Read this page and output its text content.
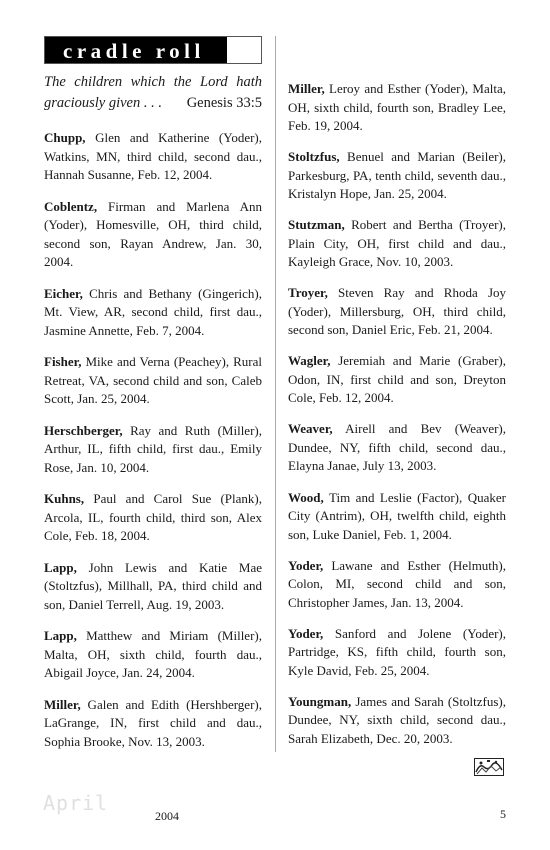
cradle roll
The children which the Lord hath graciously given . . . Genesis 33:5

Chupp, Glen and Katherine (Yoder), Watkins, MN, third child, second dau., Hannah Susanne, Feb. 12, 2004.

Coblentz, Firman and Marlena Ann (Yoder), Homesville, OH, third child, second son, Rayan Andrew, Jan. 30, 2004.

Eicher, Chris and Bethany (Gingerich), Mt. View, AR, second child, first dau., Jasmine Annette, Feb. 7, 2004.

Fisher, Mike and Verna (Peachey), Rural Retreat, VA, second child and son, Caleb Scott, Jan. 25, 2004.

Herschberger, Ray and Ruth (Miller), Arthur, IL, fifth child, first dau., Emily Rose, Jan. 10, 2004.

Kuhns, Paul and Carol Sue (Plank), Arcola, IL, fourth child, third son, Alex Cole, Feb. 18, 2004.

Lapp, John Lewis and Katie Mae (Stoltzfus), Millhall, PA, third child and son, Daniel Terrell, Aug. 19, 2003.

Lapp, Matthew and Miriam (Miller), Malta, OH, sixth child, fourth dau., Abigail Joyce, Jan. 24, 2004.

Miller, Galen and Edith (Hershberger), LaGrange, IN, first child and dau., Sophia Brooke, Nov. 13, 2003.

Miller, Leroy and Esther (Yoder), Malta, OH, sixth child, fourth son, Bradley Lee, Feb. 19, 2004.

Stoltzfus, Benuel and Marian (Beiler), Parkesburg, PA, tenth child, seventh dau., Kristalyn Hope, Jan. 25, 2004.

Stutzman, Robert and Bertha (Troyer), Plain City, OH, first child and dau., Kayleigh Grace, Nov. 10, 2003.

Troyer, Steven Ray and Rhoda Joy (Yoder), Millersburg, OH, third child, second son, Daniel Eric, Feb. 21, 2004.

Wagler, Jeremiah and Marie (Graber), Odon, IN, first child and son, Dreyton Cole, Feb. 12, 2004.

Weaver, Airell and Bev (Weaver), Dundee, NY, fifth child, second dau., Elayna Janae, July 13, 2003.

Wood, Tim and Leslie (Factor), Quaker City (Antrim), OH, twelfth child, eighth son, Luke Daniel, Feb. 1, 2004.

Yoder, Lawane and Esther (Helmuth), Colon, MI, second child and son, Christopher James, Jan. 13, 2004.

Yoder, Sanford and Jolene (Yoder), Partridge, KS, fifth child, fourth son, Kyle David, Feb. 25, 2004.

Youngman, James and Sarah (Stoltzfus), Dundee, NY, sixth child, second dau., Sarah Elizabeth, Dec. 20, 2003.

April
2004	5
